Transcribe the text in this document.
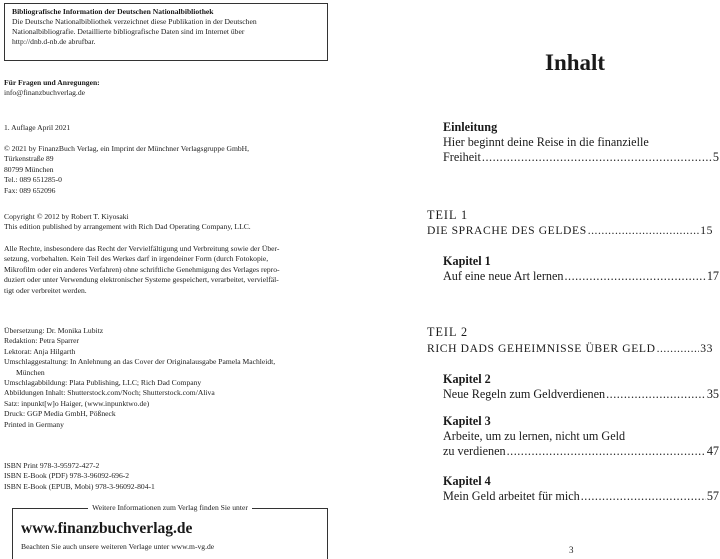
Bibliografische Information der Deutschen Nationalbibliothek
Die Deutsche Nationalbibliothek verzeichnet diese Publikation in der Deutschen
Nationalbibliografie. Detaillierte bibliografische Daten sind im Internet über
http://dnb.d-nb.de abrufbar.
Für Fragen und Anregungen:
info@finanzbuchverlag.de
1. Auflage April 2021
© 2021 by FinanzBuch Verlag, ein Imprint der Münchner Verlagsgruppe GmbH,
Türkenstraße 89
80799 München
Tel.: 089 651285-0
Fax: 089 652096
Copyright © 2012 by Robert T. Kiyosaki
This edition published by arrangement with Rich Dad Operating Company, LLC.
Alle Rechte, insbesondere das Recht der Vervielfältigung und Verbreitung sowie der Über-
setzung, vorbehalten. Kein Teil des Werkes darf in irgendeiner Form (durch Fotokopie,
Mikrofilm oder ein anderes Verfahren) ohne schriftliche Genehmigung des Verlages repro-
duziert oder unter Verwendung elektronischer Systeme gespeichert, verarbeitet, vervielfäl-
tigt oder verbreitet werden.
Übersetzung: Dr. Monika Lubitz
Redaktion: Petra Sparrer
Lektorat: Anja Hilgarth
Umschlaggestaltung: In Anlehnung an das Cover der Originalausgabe Pamela Machleidt,
München
Umschlagabbildung: Plata Publishing, LLC; Rich Dad Company
Abbildungen Inhalt: Shutterstock.com/Noch; Shutterstock.com/Aliva
Satz: inpunkt[w]o Haiger, (www.inpunktwo.de)
Druck: GGP Media GmbH, Pößneck
Printed in Germany
ISBN Print 978-3-95972-427-2
ISBN E-Book (PDF) 978-3-96092-696-2
ISBN E-Book (EPUB, Mobi) 978-3-96092-804-1
Weitere Informationen zum Verlag finden Sie unter
www.finanzbuchverlag.de
Beachten Sie auch unsere weiteren Verlage unter www.m-vg.de
Inhalt
Einleitung
Hier beginnt deine Reise in die finanzielle
Freiheit .....	5
TEIL 1
DIE SPRACHE DES GELDES .....	15
Kapitel 1
Auf eine neue Art lernen .....	17
TEIL 2
RICH DADS GEHEIMNISSE ÜBER GELD .....	33
Kapitel 2
Neue Regeln zum Geldverdienen .....	35
Kapitel 3
Arbeite, um zu lernen, nicht um Geld
zu verdienen .....	47
Kapitel 4
Mein Geld arbeitet für mich .....	57
3
